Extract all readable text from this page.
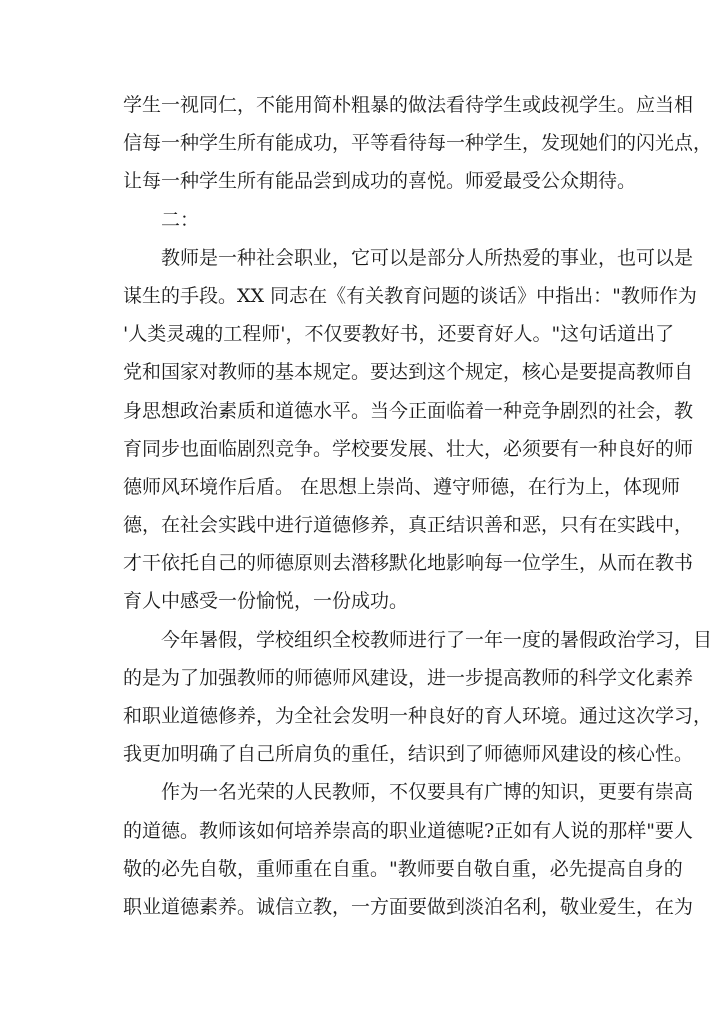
学生一视同仁，不能用简朴粗暴的做法看待学生或歧视学生。应当相
信每一种学生所有能成功，平等看待每一种学生，发现她们的闪光点，
让每一种学生所有能品尝到成功的喜悦。师爱最受公众期待。
二：
教师是一种社会职业，它可以是部分人所热爱的事业，也可以是
谋生的手段。XX 同志在《有关教育问题的谈话》中指出："教师作为
'人类灵魂的工程师'，不仅要教好书，还要育好人。"这句话道出了
党和国家对教师的基本规定。要达到这个规定，核心是要提高教师自
身思想政治素质和道德水平。当今正面临着一种竞争剧烈的社会，教
育同步也面临剧烈竞争。学校要发展、壮大，必须要有一种良好的师
德师风环境作后盾。 在思想上崇尚、遵守师德，在行为上，体现师
德，在社会实践中进行道德修养，真正结识善和恶，只有在实践中，
才干依托自己的师德原则去潜移默化地影响每一位学生，从而在教书
育人中感受一份愉悦，一份成功。
今年暑假，学校组织全校教师进行了一年一度的暑假政治学习，目
的是为了加强教师的师德师风建设，进一步提高教师的科学文化素养
和职业道德修养，为全社会发明一种良好的育人环境。通过这次学习，
我更加明确了自己所肩负的重任，结识到了师德师风建设的核心性。
作为一名光荣的人民教师，不仅要具有广博的知识，更要有崇高
的道德。教师该如何培养崇高的职业道德呢?正如有人说的那样"要人
敬的必先自敬，重师重在自重。"教师要自敬自重，必先提高自身的
职业道德素养。诚信立教，一方面要做到淡泊名利，敬业爱生，在为
